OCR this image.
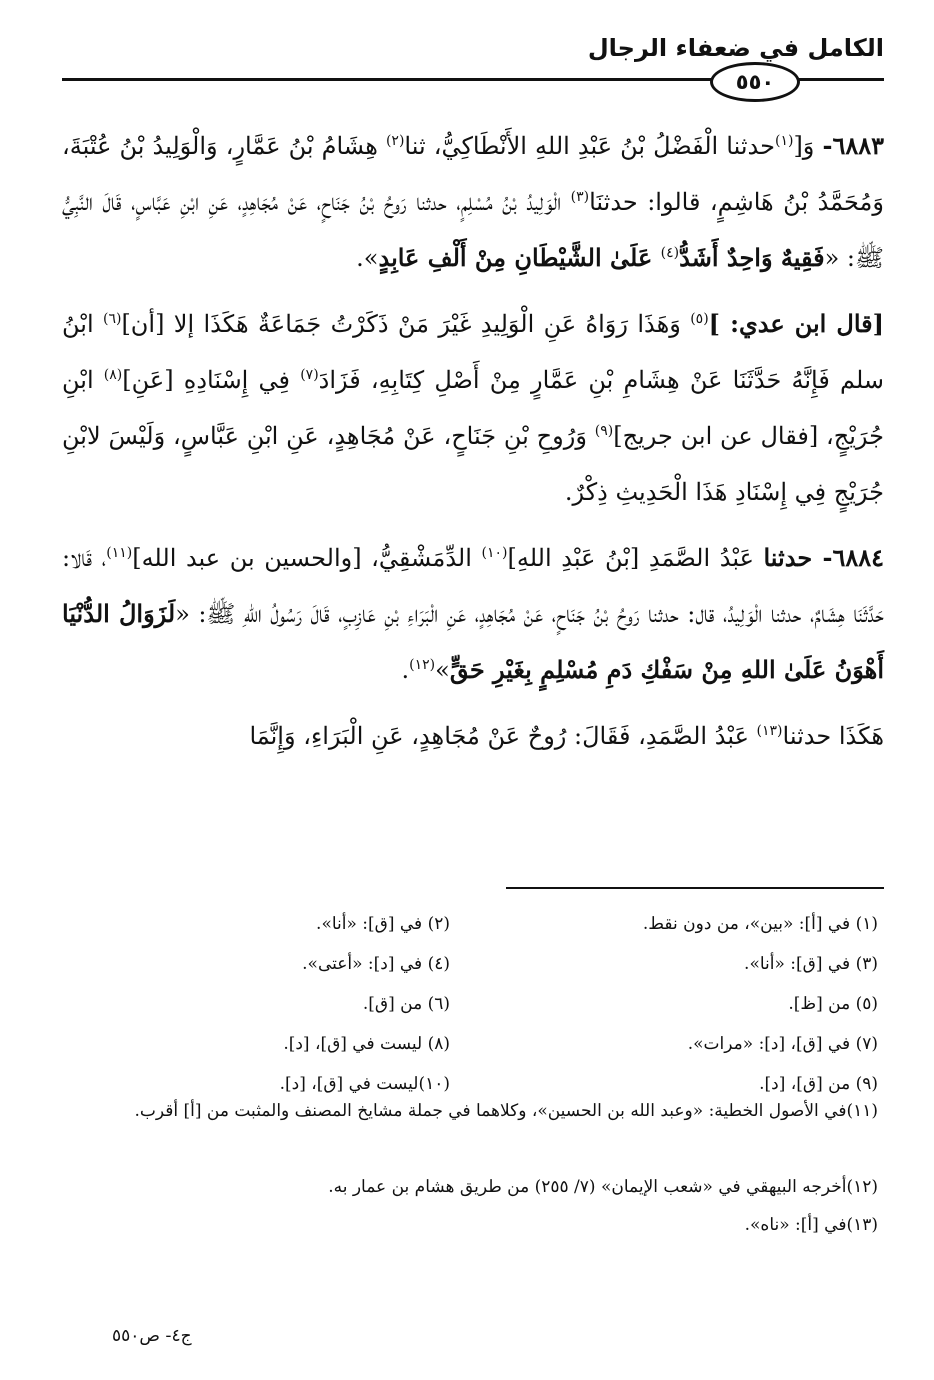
الكامل في ضعفاء الرجال
٥٥٠

٦٨٨٣- وَ[$^{(١)}$حدثنا الْفَضْلُ بْنُ عَبْدِ اللهِ الأَنْطَاكِيُّ، ثنا$^{(٢)}$ هِشَامُ بْنُ عَمَّارٍ، وَالْوَلِيدُ بْنُ عُتْبَةَ، وَمُحَمَّدُ بْنُ هَاشِمٍ، قالوا: حدثنَا$^{(٣)}$ الْوَلِيدُ بْنُ مُسْلِمٍ، حدثنا رَوحُ بْنُ جَنَاحٍ، عَنْ مُجَاهِدٍ، عَنِ ابْنِ عَبَّاسٍ، قَالَ النَّبِيُّ ﷺ: «فَقِيهٌ وَاحِدٌ أَشَدُّ$^{(٤)}$ عَلَىٰ الشَّيْطَانِ مِنْ أَلْفِ عَابِدٍ».

[قال ابن عدي: ]$^{(٥)}$ وَهَذَا رَوَاهُ عَنِ الْوَلِيدِ غَيْرَ مَنْ ذَكَرْتُ جَمَاعَةٌ هَكَذَا إلا [أن]$^{(٦)}$ ابْنُ سلم فَإِنَّهُ حَدَّثَنَا عَنْ هِشَامِ بْنِ عَمَّارٍ مِنْ أَصْلِ كِتَابِهِ، فَزَادَ$^{(٧)}$ فِي إِسْنَادِهِ [عَنِ]$^{(٨)}$ ابْنِ جُرَيْجٍ، [فقال عن ابن جريج]$^{(٩)}$ وَرُوحِ بْنِ جَنَاحٍ، عَنْ مُجَاهِدٍ، عَنِ ابْنِ عَبَّاسٍ، وَلَيْسَ لابْنِ جُرَيْجٍ فِي إِسْنَادِ هَذَا الْحَدِيثِ ذِكْرٌ.

٦٨٨٤- حدثنا عَبْدُ الصَّمَدِ [بْنُ عَبْدِ اللهِ]$^{(١٠)}$ الدِّمَشْقِيُّ، [والحسين بن عبد الله]$^{(١١)}$، قَالا: حَدَّثَنَا هِشَامٌ، حدثنا الْوَلِيدُ، قال: حدثنا رَوحُ بْنُ جَنَاحٍ، عَنْ مُجَاهِدٍ، عَنِ الْبَرَاءِ بْنِ عَازِبٍ، قَالَ رَسُولُ اللهِ ﷺ: «لَزَوَالُ الدُّنْيَا أَهْوَنُ عَلَىٰ اللهِ مِنْ سَفْكِ دَمِ مُسْلِمٍ بِغَيْرِ حَقٍّ»$^{(١٢)}$.

هَكَذَا حدثنا$^{(١٣)}$ عَبْدُ الصَّمَدِ، فَقَالَ: رُوحٌ عَنْ مُجَاهِدٍ، عَنِ الْبَرَاءِ، وَإِنَّمَا

(١) في [أ]: «بين»، من دون نقط.
(٢) في [ق]: «أنا».
(٣) في [ق]: «أنا».
(٤) في [د]: «أعتى».
(٥) من [ظ].
(٦) من [ق].
(٧) في [ق]، [د]: «مرات».
(٨) ليست في [ق]، [د].
(٩) من [ق]، [د].
(١٠)ليست في [ق]، [د].
(١١)في الأصول الخطية: «وعبد الله بن الحسين»، وكلاهما في جملة مشايخ المصنف والمثبت من [أ] أقرب.
(١٢)أخرجه البيهقي في «شعب الإيمان» (٧/ ٢٥٥) من طريق هشام بن عمار به.
(١٣)في [أ]: «ناه».
ج٤- ص٥٥٠
